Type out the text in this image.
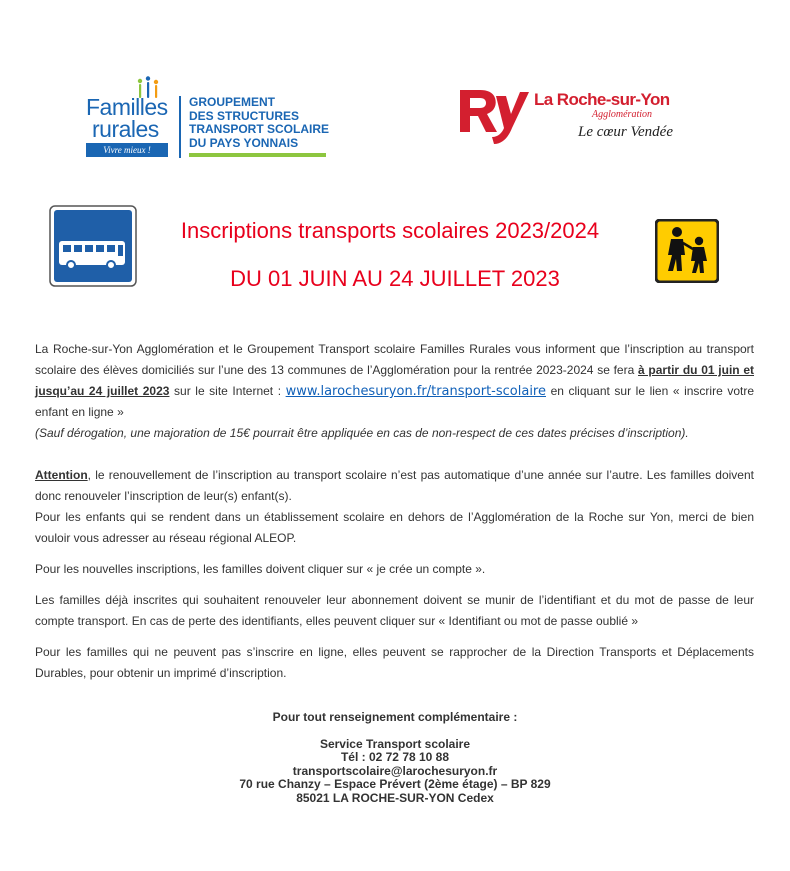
Familles
rurales
Vivre mieux !
GROUPEMENT
DES STRUCTURES
TRANSPORT SCOLAIRE
DU PAYS YONNAIS
La Roche-sur-Yon
Agglomération
Le cœur Vendée
Inscriptions transports scolaires 2023/2024
DU 01 JUIN AU 24 JUILLET 2023

La Roche-sur-Yon Agglomération et le Groupement Transport scolaire Familles Rurales vous informent que l’inscription au transport scolaire des élèves domiciliés sur l’une des 13 communes de l’Agglomération pour la rentrée 2023-2024 se fera à partir du 01 juin et jusqu’au 24 juillet 2023 sur le site Internet : www.larochesuryon.fr/transport-scolaire en cliquant sur le lien « inscrire votre enfant en ligne »

(Sauf dérogation, une majoration de 15€ pourrait être appliquée en cas de non-respect de ces dates précises d’inscription).

Attention, le renouvellement de l’inscription au transport scolaire n’est pas automatique d’une année sur l’autre. Les familles doivent donc renouveler l’inscription de leur(s) enfant(s).

Pour les enfants qui se rendent dans un établissement scolaire en dehors de l’Agglomération de la Roche sur Yon, merci de bien vouloir vous adresser au réseau régional ALEOP.

Pour les nouvelles inscriptions, les familles doivent cliquer sur « je crée un compte ».

Les familles déjà inscrites qui souhaitent renouveler leur abonnement doivent se munir de l’identifiant et du mot de passe de leur compte transport. En cas de perte des identifiants, elles peuvent cliquer sur « Identifiant ou mot de passe oublié »

Pour les familles qui ne peuvent pas s’inscrire en ligne, elles peuvent se rapprocher de la Direction Transports et Déplacements Durables, pour obtenir un imprimé d’inscription.

Pour tout renseignement complémentaire :
Service Transport scolaire
Tél : 02 72 78 10 88
transportscolaire@larochesuryon.fr
70 rue Chanzy – Espace Prévert (2ème étage) – BP 829
85021 LA ROCHE-SUR-YON Cedex
